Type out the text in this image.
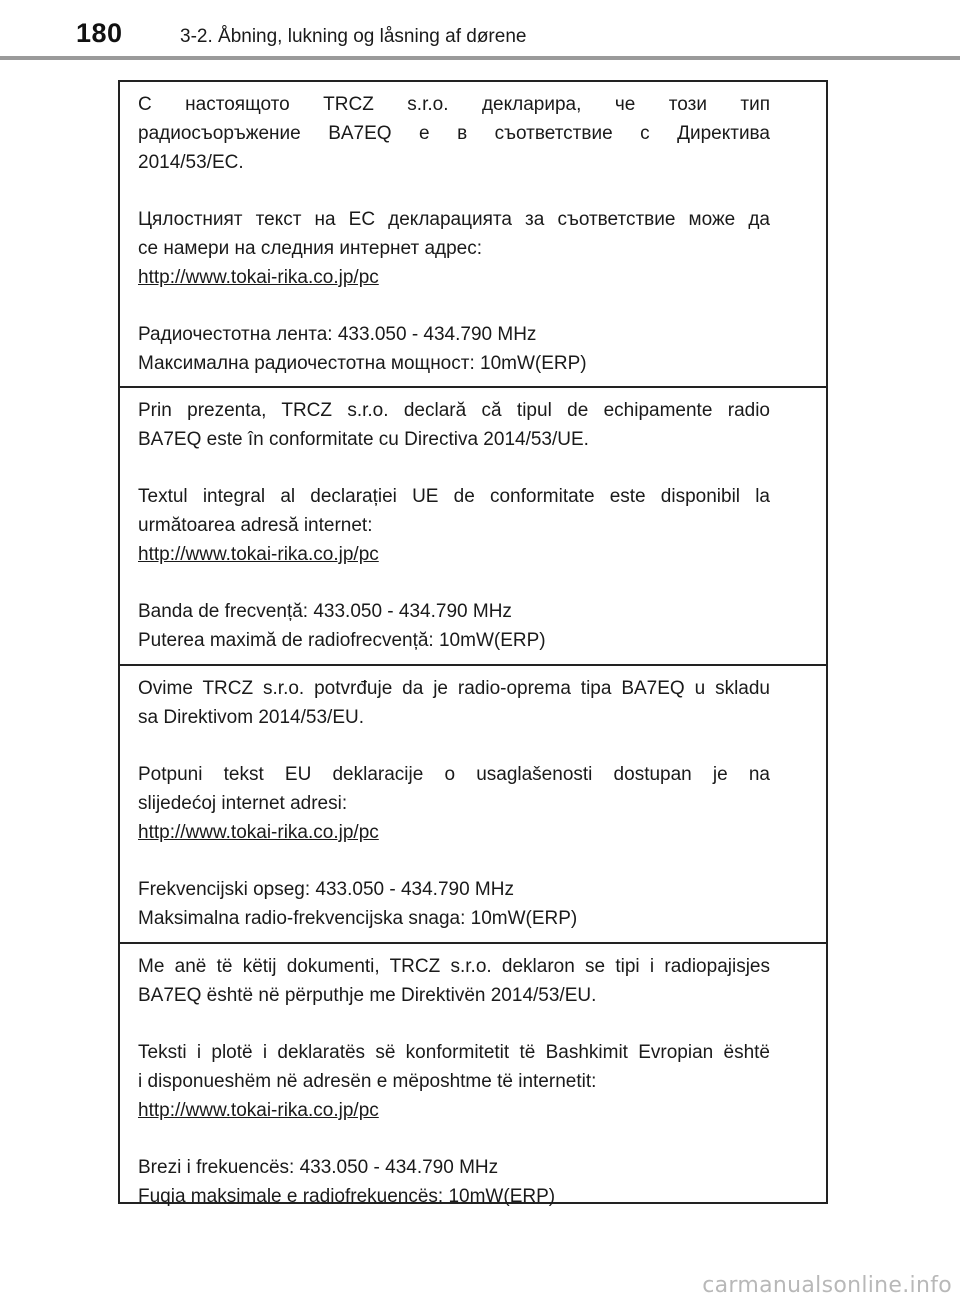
180	3-2. Åbning, lukning og låsning af dørene

С настоящото TRCZ s.r.o. декларира, че този тип

радиосъоръжение BA7EQ е в съответствие с Директива

2014/53/ЕС.

Цялостният текст на ЕС декларацията за съответствие може да

се намери на следния интернет адрес:

http://www.tokai-rika.co.jp/pc

Радиочестотна лента: 433.050 - 434.790 MHz

Максимална радиочестотна мощност: 10mW(ERP)

Prin prezenta, TRCZ s.r.o. declară că tipul de echipamente radio

BA7EQ este în conformitate cu Directiva 2014/53/UE.

Textul integral al declarației UE de conformitate este disponibil la

următoarea adresă internet:

http://www.tokai-rika.co.jp/pc

Banda de frecvență: 433.050 - 434.790 MHz

Puterea maximă de radiofrecvență: 10mW(ERP)

Ovime TRCZ s.r.o. potvrđuje da je radio-oprema tipa BA7EQ u skladu

sa Direktivom 2014/53/EU.

Potpuni tekst EU deklaracije o usaglašenosti dostupan je na

slijedećoj internet adresi:

http://www.tokai-rika.co.jp/pc

Frekvencijski opseg: 433.050 - 434.790 MHz

Maksimalna radio-frekvencijska snaga: 10mW(ERP)

Me anë të këtij dokumenti, TRCZ s.r.o. deklaron se tipi i radiopajisjes

BA7EQ është në përputhje me Direktivën 2014/53/EU.

Teksti i plotë i deklaratës së konformitetit të Bashkimit Evropian është

i disponueshëm në adresën e mëposhtme të internetit:

http://www.tokai-rika.co.jp/pc

Brezi i frekuencës: 433.050 - 434.790 MHz

Fuqia maksimale e radiofrekuencës: 10mW(ERP)

carmanualsonline.info
